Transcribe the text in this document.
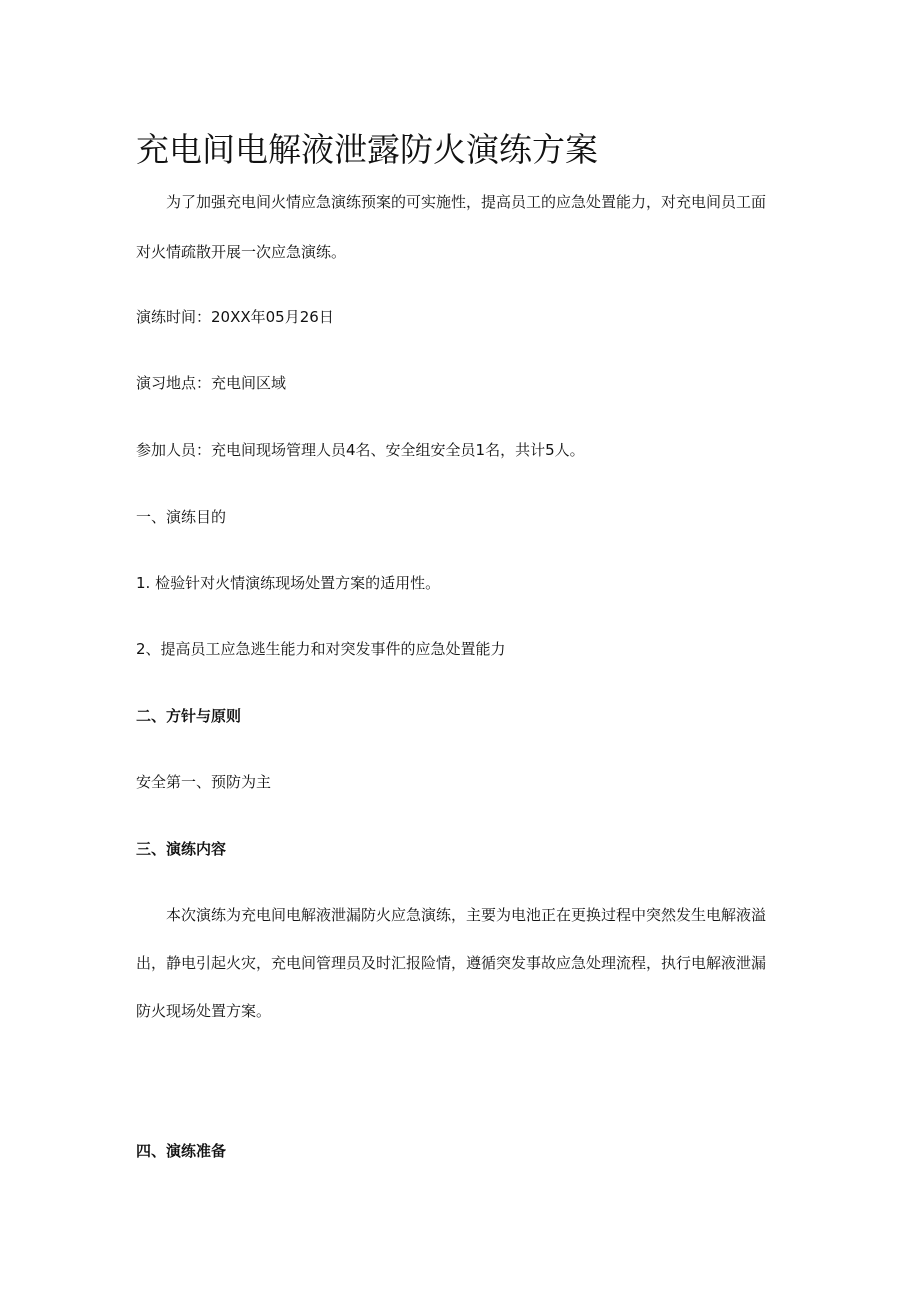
充电间电解液泄露防火演练方案
为了加强充电间火情应急演练预案的可实施性，提高员工的应急处置能力，对充电间员工面
对火情疏散开展一次应急演练。
演练时间：20XX年05月26日
演习地点：充电间区域
参加人员：充电间现场管理人员4名、安全组安全员1名，共计5人。
一、演练目的
1. 检验针对火情演练现场处置方案的适用性。
2、提高员工应急逃生能力和对突发事件的应急处置能力
二、方针与原则
安全第一、预防为主
三、演练内容
本次演练为充电间电解液泄漏防火应急演练，主要为电池正在更换过程中突然发生电解液溢
出，静电引起火灾，充电间管理员及时汇报险情，遵循突发事故应急处理流程，执行电解液泄漏
防火现场处置方案。
四、演练准备
